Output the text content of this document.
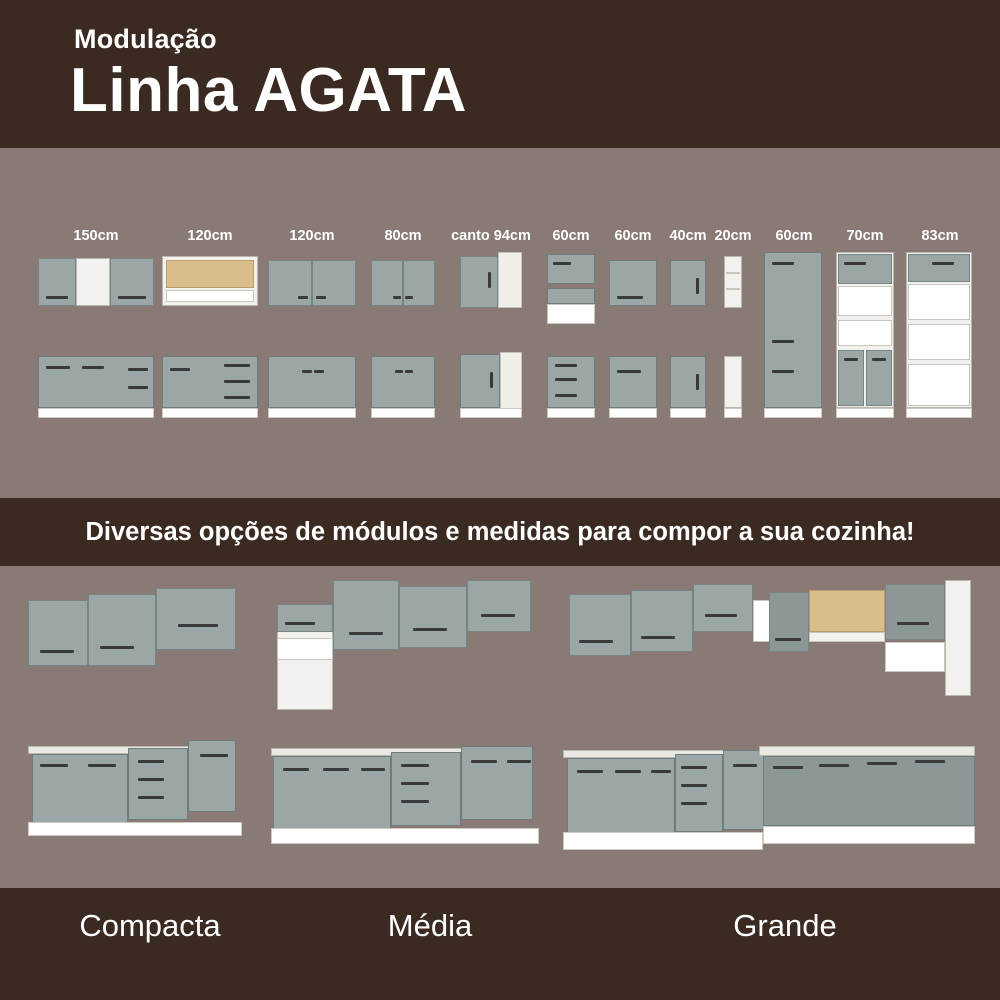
Modulação
Linha AGATA
150cm	120cm	120cm	80cm	canto 94cm	60cm	60cm	40cm 20cm	60cm	70cm	83cm
Diversas opções de módulos e medidas para compor a sua cozinha!
Compacta	Média	Grande
